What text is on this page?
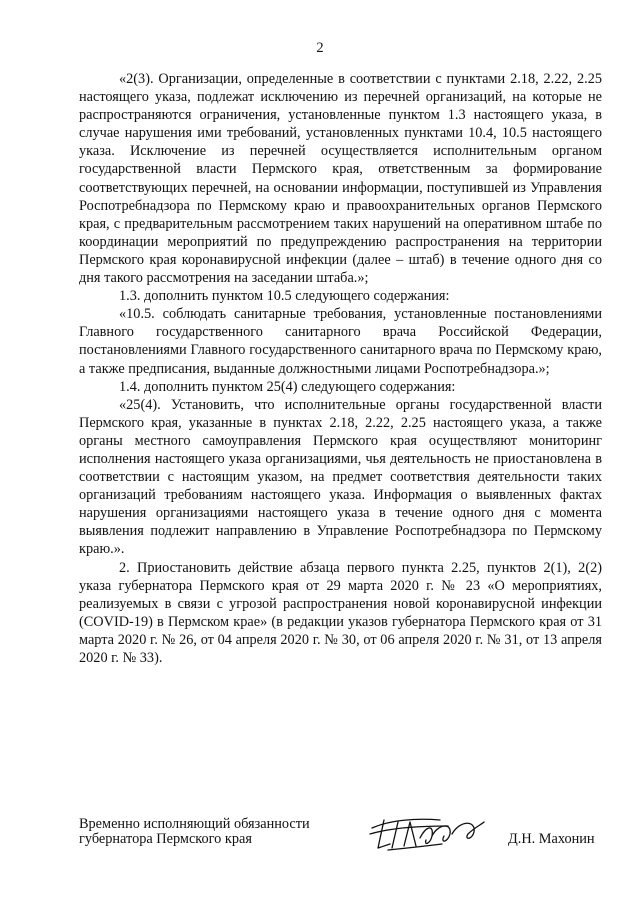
2

«2(3). Организации, определенные в соответствии с пунктами 2.18, 2.22, 2.25 настоящего указа, подлежат исключению из перечней организаций, на которые не распространяются ограничения, установленные пунктом 1.3 настоящего указа, в случае нарушения ими требований, установленных пунктами 10.4, 10.5 настоящего указа. Исключение из перечней осуществляется исполнительным органом государственной власти Пермского края, ответственным за формирование соответствующих перечней, на основании информации, поступившей из Управления Роспотребнадзора по Пермскому краю и правоохранительных органов Пермского края, с предварительным рассмотрением таких нарушений на оперативном штабе по координации мероприятий по предупреждению распространения на территории Пермского края коронавирусной инфекции (далее – штаб) в течение одного дня со дня такого рассмотрения на заседании штаба.»;

1.3. дополнить пунктом 10.5 следующего содержания:

«10.5. соблюдать санитарные требования, установленные постановлениями Главного государственного санитарного врача Российской Федерации, постановлениями Главного государственного санитарного врача по Пермскому краю, а также предписания, выданные должностными лицами Роспотребнадзора.»;

1.4. дополнить пунктом 25(4) следующего содержания:

«25(4). Установить, что исполнительные органы государственной власти Пермского края, указанные в пунктах 2.18, 2.22, 2.25 настоящего указа, а также органы местного самоуправления Пермского края осуществляют мониторинг исполнения настоящего указа организациями, чья деятельность не приостановлена в соответствии с настоящим указом, на предмет соответствия деятельности таких организаций требованиям настоящего указа. Информация о выявленных фактах нарушения организациями настоящего указа в течение одного дня с момента выявления подлежит направлению в Управление Роспотребнадзора по Пермскому краю.».

2. Приостановить действие абзаца первого пункта 2.25, пунктов 2(1), 2(2) указа губернатора Пермского края от 29 марта 2020 г. № 23 «О мероприятиях, реализуемых в связи с угрозой распространения новой коронавирусной инфекции (COVID-19) в Пермском крае» (в редакции указов губернатора Пермского края от 31 марта 2020 г. № 26, от 04 апреля 2020 г. № 30, от 06 апреля 2020 г. № 31, от 13 апреля 2020 г. № 33).

Временно исполняющий обязанности
губернатора Пермского края	Д.Н. Махонин
